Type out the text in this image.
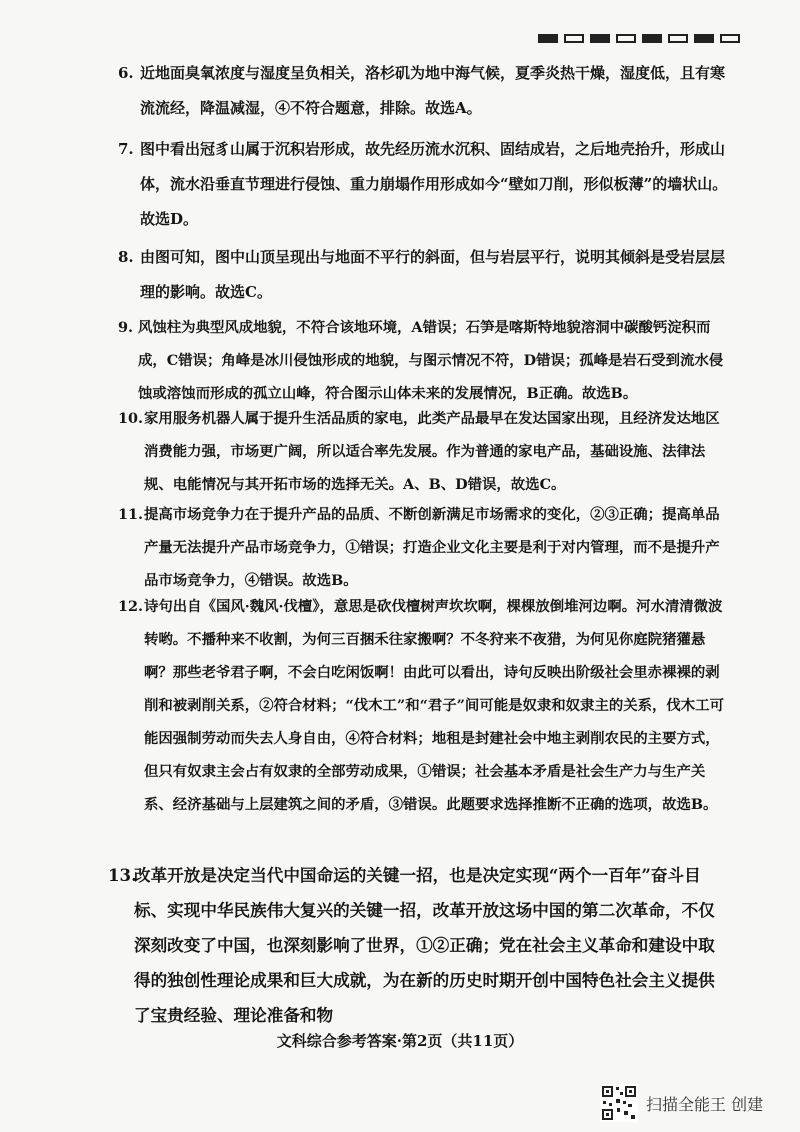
6. 近地面臭氧浓度与湿度呈负相关，洛杉矶为地中海气候，夏季炎热干燥，湿度低，且有寒流流经，降温减湿，④不符合题意，排除。故选A。
7. 图中看出冠豸山属于沉积岩形成，故先经历流水沉积、固结成岩，之后地壳抬升，形成山体，流水沿垂直节理进行侵蚀、重力崩塌作用形成如今“壁如刀削，形似板薄”的墙状山。故选D。
8. 由图可知，图中山顶呈现出与地面不平行的斜面，但与岩层平行，说明其倾斜是受岩层层理的影响。故选C。
9. 风蚀柱为典型风成地貌，不符合该地环境，A错误；石笋是喀斯特地貌溶洞中碳酸钙淀积而成，C错误；角峰是冰川侵蚀形成的地貌，与图示情况不符，D错误；孤峰是岩石受到流水侵蚀或溶蚀而形成的孤立山峰，符合图示山体未来的发展情况，B正确。故选B。
10. 家用服务机器人属于提升生活品质的家电，此类产品最早在发达国家出现，且经济发达地区消费能力强，市场更广阔，所以适合率先发展。作为普通的家电产品，基础设施、法律法规、电能情况与其开拓市场的选择无关。A、B、D错误，故选C。
11. 提高市场竞争力在于提升产品的品质、不断创新满足市场需求的变化，②③正确；提高单品产量无法提升产品市场竞争力，①错误；打造企业文化主要是利于对内管理，而不是提升产品市场竞争力，④错误。故选B。
12. 诗句出自《国风·魏风·伐檀》，意思是砍伐檀树声坎坎啊，棵棵放倒堆河边啊。河水清清微波转哟。不播种来不收割，为何三百捆禾往家搬啊？不冬狩来不夜猎，为何见你庭院猪獾悬啊？那些老爷君子啊，不会白吃闲饭啊！由此可以看出，诗句反映出阶级社会里赤裸裸的剥削和被剥削关系，②符合材料；“伐木工”和“君子”间可能是奴隶和奴隶主的关系，伐木工可能因强制劳动而失去人身自由，④符合材料；地租是封建社会中地主剥削农民的主要方式，但只有奴隶主会占有奴隶的全部劳动成果，①错误；社会基本矛盾是社会生产力与生产关系、经济基础与上层建筑之间的矛盾，③错误。此题要求选择推断不正确的选项，故选B。
13.
改革开放是决定当代中国命运的关键一招，也是决定实现“两个一百年”奋斗目标、实现中华民族伟大复兴的关键一招，改革开放这场中国的第二次革命，不仅深刻改变了中国，也深刻影响了世界，①②正确；党在社会主义革命和建设中取得的独创性理论成果和巨大成就，为在新的历史时期开创中国特色社会主义提供了宝贵经验、理论准备和物
文科综合参考答案·第2页（共11页）
扫描全能王 创建
